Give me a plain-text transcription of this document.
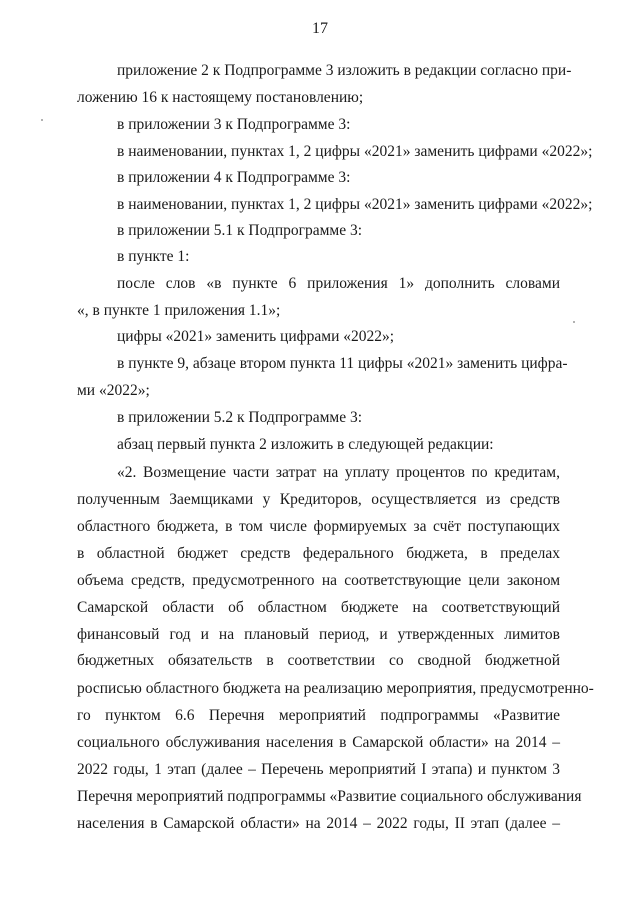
17
приложение 2 к Подпрограмме 3 изложить в редакции согласно при-
ложению 16 к настоящему постановлению;
в приложении 3 к Подпрограмме 3:
в наименовании, пунктах 1, 2 цифры «2021» заменить цифрами «2022»;
в приложении 4 к Подпрограмме 3:
в наименовании, пунктах 1, 2 цифры «2021» заменить цифрами «2022»;
в приложении 5.1 к Подпрограмме 3:
в пункте 1:
после слов «в пункте 6 приложения 1» дополнить словами
«, в пункте 1 приложения 1.1»;
цифры «2021» заменить цифрами «2022»;
в пункте 9, абзаце втором пункта 11 цифры «2021» заменить цифра-
ми «2022»;
в приложении 5.2 к Подпрограмме 3:
абзац первый пункта 2 изложить в следующей редакции:
«2. Возмещение части затрат на уплату процентов по кредитам,
полученным Заемщиками у Кредиторов, осуществляется из средств
областного бюджета, в том числе формируемых за счёт поступающих
в областной бюджет средств федерального бюджета, в пределах
объема средств, предусмотренного на соответствующие цели законом
Самарской области об областном бюджете на соответствующий
финансовый год и на плановый период, и утвержденных лимитов
бюджетных обязательств в соответствии со сводной бюджетной
росписью областного бюджета на реализацию мероприятия, предусмотренно-
го пунктом 6.6 Перечня мероприятий подпрограммы «Развитие
социального обслуживания населения в Самарской области» на 2014 –
2022 годы, 1 этап (далее – Перечень мероприятий I этапа) и пунктом 3
Перечня мероприятий подпрограммы «Развитие социального обслуживания
населения в Самарской области» на 2014 – 2022 годы, II этап (далее –
